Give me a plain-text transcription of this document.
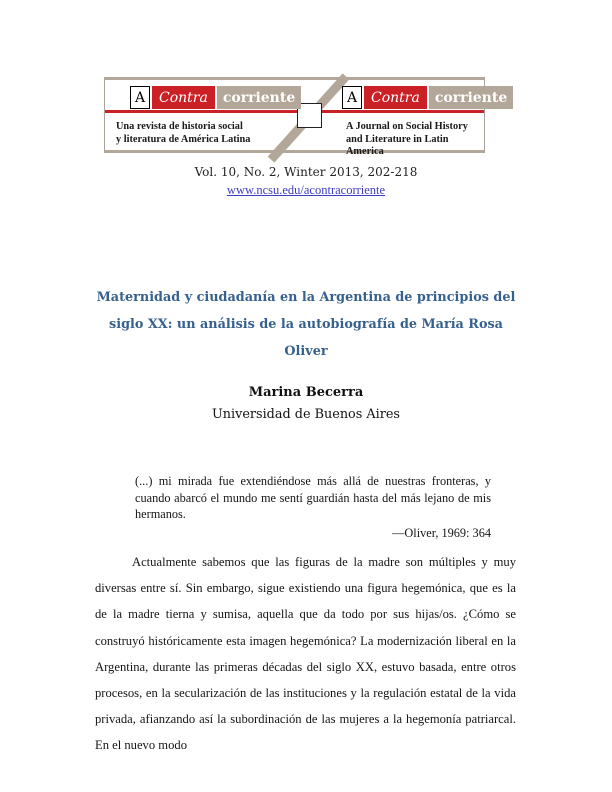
A Contra	corriente	A Contra	corriente
Una revista de historia social
y literatura de América Latina
A Journal on Social History
and Literature in Latin America
Vol. 10, No. 2, Winter 2013, 202-218
www.ncsu.edu/acontracorriente
Maternidad y ciudadanía en la Argentina de principios del
siglo XX: un análisis de la autobiografía de María Rosa
Oliver
Marina Becerra
Universidad de Buenos Aires
(...) mi mirada fue extendiéndose más allá de nuestras fronteras, y cuando abarcó el mundo me sentí guardián hasta del más lejano de mis hermanos.
—Oliver, 1969: 364
Actualmente sabemos que las figuras de la madre son múltiples y muy diversas entre sí. Sin embargo, sigue existiendo una figura hegemónica, que es la de la madre tierna y sumisa, aquella que da todo por sus hijas/os. ¿Cómo se construyó históricamente esta imagen hegemónica? La modernización liberal en la Argentina, durante las primeras décadas del siglo XX, estuvo basada, entre otros procesos, en la secularización de las instituciones y la regulación estatal de la vida privada, afianzando así la subordinación de las mujeres a la hegemonía patriarcal. En el nuevo modo
